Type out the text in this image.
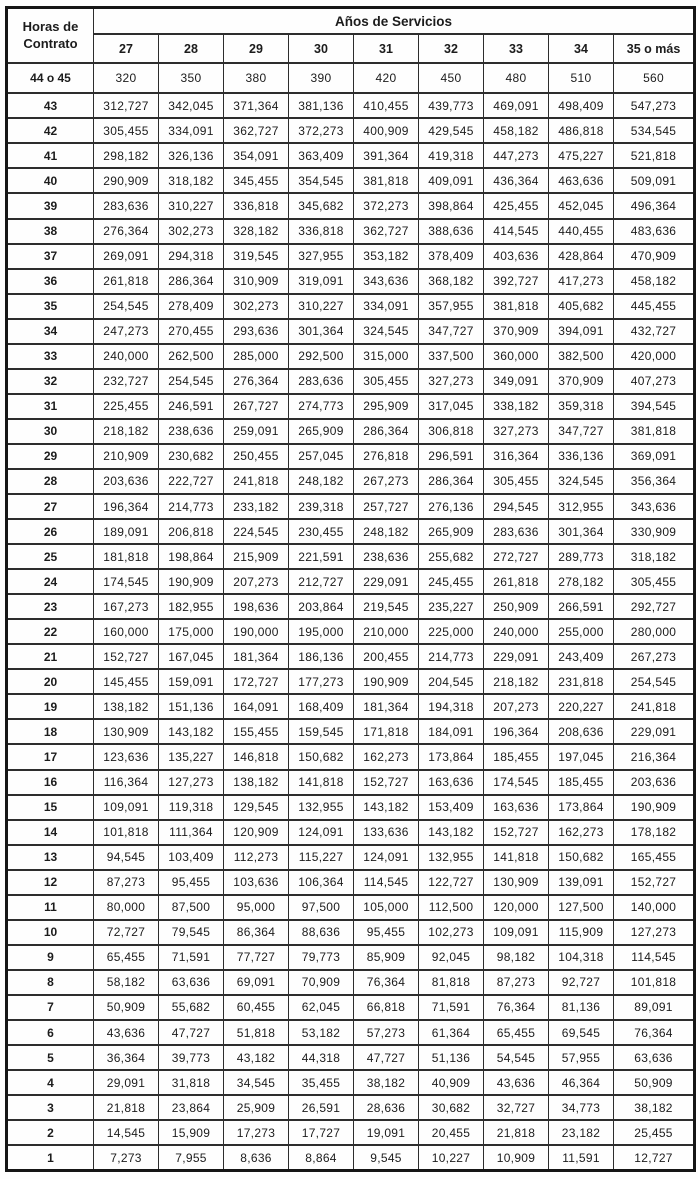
Horas de
Contrato	Años de Servicios								
	27	28	29	30	31	32	33	34	35 o más
44 o 45	320	350	380	390	420	450	480	510	560
43	312,727	342,045	371,364	381,136	410,455	439,773	469,091	498,409	547,273
42	305,455	334,091	362,727	372,273	400,909	429,545	458,182	486,818	534,545
41	298,182	326,136	354,091	363,409	391,364	419,318	447,273	475,227	521,818
40	290,909	318,182	345,455	354,545	381,818	409,091	436,364	463,636	509,091
39	283,636	310,227	336,818	345,682	372,273	398,864	425,455	452,045	496,364
38	276,364	302,273	328,182	336,818	362,727	388,636	414,545	440,455	483,636
37	269,091	294,318	319,545	327,955	353,182	378,409	403,636	428,864	470,909
36	261,818	286,364	310,909	319,091	343,636	368,182	392,727	417,273	458,182
35	254,545	278,409	302,273	310,227	334,091	357,955	381,818	405,682	445,455
34	247,273	270,455	293,636	301,364	324,545	347,727	370,909	394,091	432,727
33	240,000	262,500	285,000	292,500	315,000	337,500	360,000	382,500	420,000
32	232,727	254,545	276,364	283,636	305,455	327,273	349,091	370,909	407,273
31	225,455	246,591	267,727	274,773	295,909	317,045	338,182	359,318	394,545
30	218,182	238,636	259,091	265,909	286,364	306,818	327,273	347,727	381,818
29	210,909	230,682	250,455	257,045	276,818	296,591	316,364	336,136	369,091
28	203,636	222,727	241,818	248,182	267,273	286,364	305,455	324,545	356,364
27	196,364	214,773	233,182	239,318	257,727	276,136	294,545	312,955	343,636
26	189,091	206,818	224,545	230,455	248,182	265,909	283,636	301,364	330,909
25	181,818	198,864	215,909	221,591	238,636	255,682	272,727	289,773	318,182
24	174,545	190,909	207,273	212,727	229,091	245,455	261,818	278,182	305,455
23	167,273	182,955	198,636	203,864	219,545	235,227	250,909	266,591	292,727
22	160,000	175,000	190,000	195,000	210,000	225,000	240,000	255,000	280,000
21	152,727	167,045	181,364	186,136	200,455	214,773	229,091	243,409	267,273
20	145,455	159,091	172,727	177,273	190,909	204,545	218,182	231,818	254,545
19	138,182	151,136	164,091	168,409	181,364	194,318	207,273	220,227	241,818
18	130,909	143,182	155,455	159,545	171,818	184,091	196,364	208,636	229,091
17	123,636	135,227	146,818	150,682	162,273	173,864	185,455	197,045	216,364
16	116,364	127,273	138,182	141,818	152,727	163,636	174,545	185,455	203,636
15	109,091	119,318	129,545	132,955	143,182	153,409	163,636	173,864	190,909
14	101,818	111,364	120,909	124,091	133,636	143,182	152,727	162,273	178,182
13	94,545	103,409	112,273	115,227	124,091	132,955	141,818	150,682	165,455
12	87,273	95,455	103,636	106,364	114,545	122,727	130,909	139,091	152,727
11	80,000	87,500	95,000	97,500	105,000	112,500	120,000	127,500	140,000
10	72,727	79,545	86,364	88,636	95,455	102,273	109,091	115,909	127,273
9	65,455	71,591	77,727	79,773	85,909	92,045	98,182	104,318	114,545
8	58,182	63,636	69,091	70,909	76,364	81,818	87,273	92,727	101,818
7	50,909	55,682	60,455	62,045	66,818	71,591	76,364	81,136	89,091
6	43,636	47,727	51,818	53,182	57,273	61,364	65,455	69,545	76,364
5	36,364	39,773	43,182	44,318	47,727	51,136	54,545	57,955	63,636
4	29,091	31,818	34,545	35,455	38,182	40,909	43,636	46,364	50,909
3	21,818	23,864	25,909	26,591	28,636	30,682	32,727	34,773	38,182
2	14,545	15,909	17,273	17,727	19,091	20,455	21,818	23,182	25,455
1	7,273	7,955	8,636	8,864	9,545	10,227	10,909	11,591	12,727
